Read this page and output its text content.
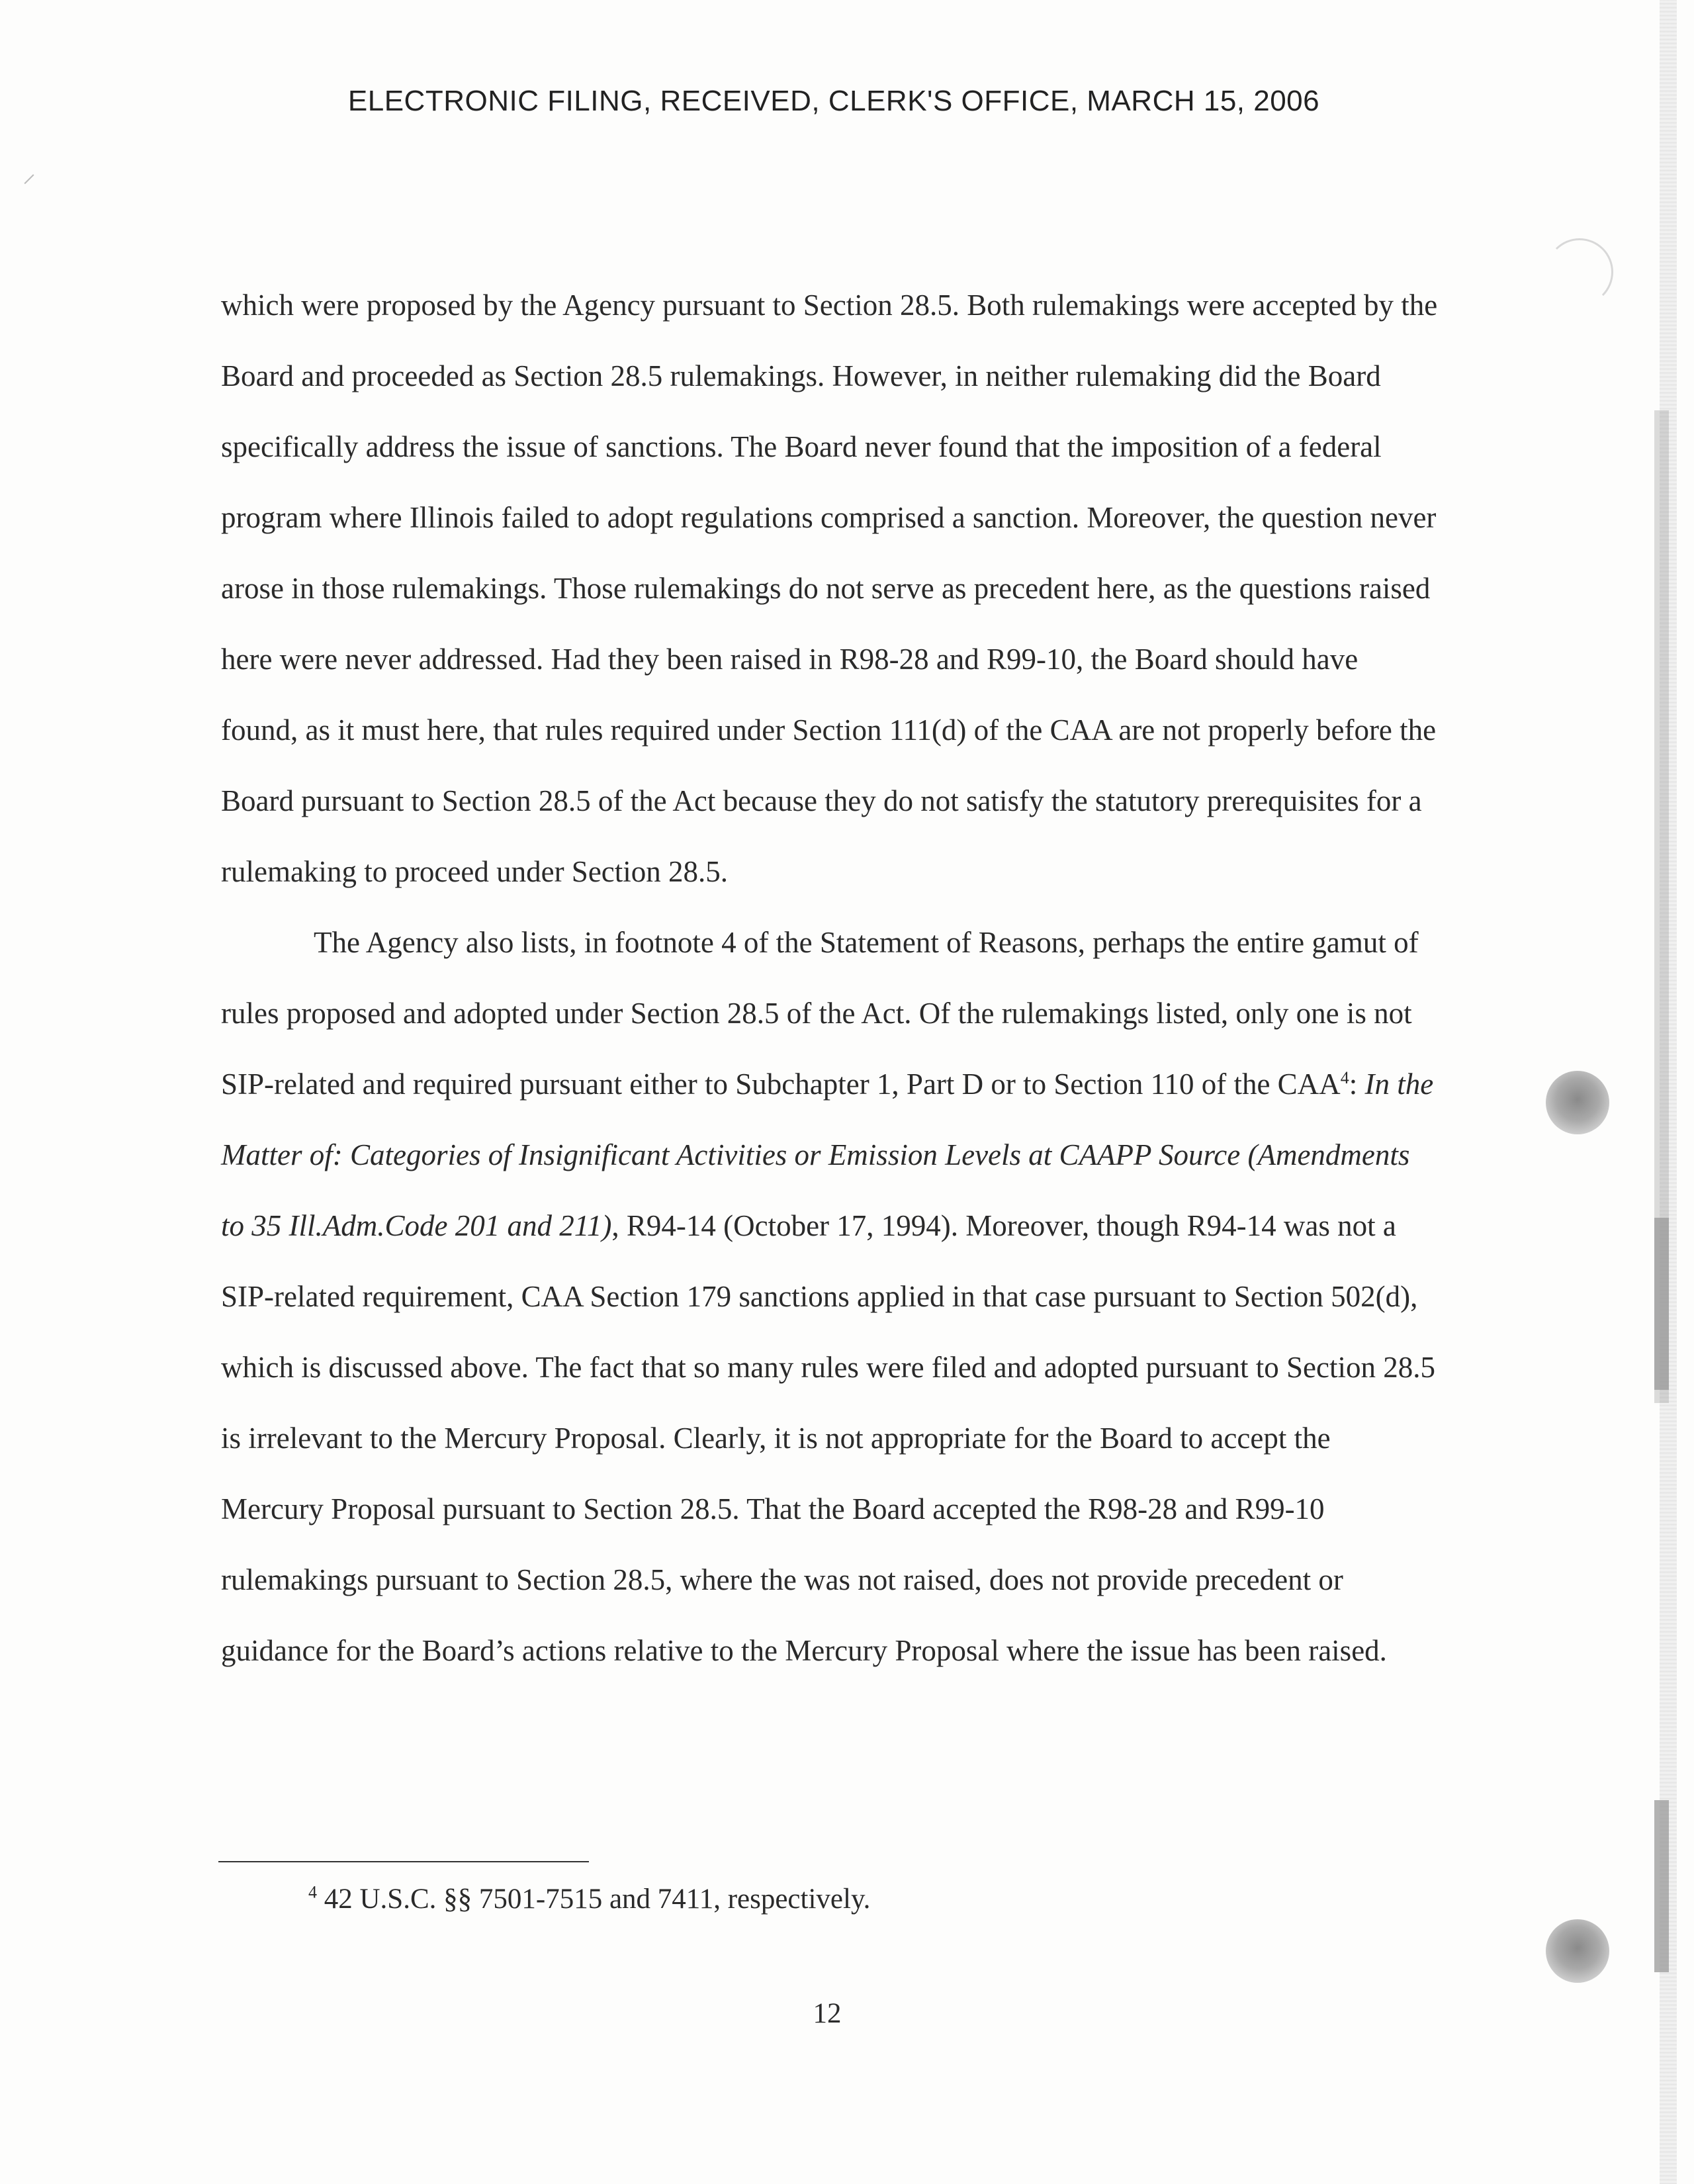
⸝
ELECTRONIC FILING, RECEIVED, CLERK'S OFFICE, MARCH 15, 2006

which were proposed by the Agency pursuant to Section 28.5. Both rulemakings were accepted by the Board and proceeded as Section 28.5 rulemakings. However, in neither rulemaking did the Board specifically address the issue of sanctions. The Board never found that the imposition of a federal program where Illinois failed to adopt regulations comprised a sanction. Moreover, the question never arose in those rulemakings. Those rulemakings do not serve as precedent here, as the questions raised here were never addressed. Had they been raised in R98-28 and R99-10, the Board should have found, as it must here, that rules required under Section 111(d) of the CAA are not properly before the Board pursuant to Section 28.5 of the Act because they do not satisfy the statutory prerequisites for a rulemaking to proceed under Section 28.5.

The Agency also lists, in footnote 4 of the Statement of Reasons, perhaps the entire gamut of rules proposed and adopted under Section 28.5 of the Act. Of the rulemakings listed, only one is not SIP-related and required pursuant either to Subchapter 1, Part D or to Section 110 of the CAA$^4$: In the Matter of: Categories of Insignificant Activities or Emission Levels at CAAPP Source (Amendments to 35 Ill.Adm.Code 201 and 211), R94-14 (October 17, 1994). Moreover, though R94-14 was not a SIP-related requirement, CAA Section 179 sanctions applied in that case pursuant to Section 502(d), which is discussed above. The fact that so many rules were filed and adopted pursuant to Section 28.5 is irrelevant to the Mercury Proposal. Clearly, it is not appropriate for the Board to accept the Mercury Proposal pursuant to Section 28.5. That the Board accepted the R98-28 and R99-10 rulemakings pursuant to Section 28.5, where the was not raised, does not provide precedent or guidance for the Board’s actions relative to the Mercury Proposal where the issue has been raised.

$^4$ 42 U.S.C. §§ 7501-7515 and 7411, respectively.
12
